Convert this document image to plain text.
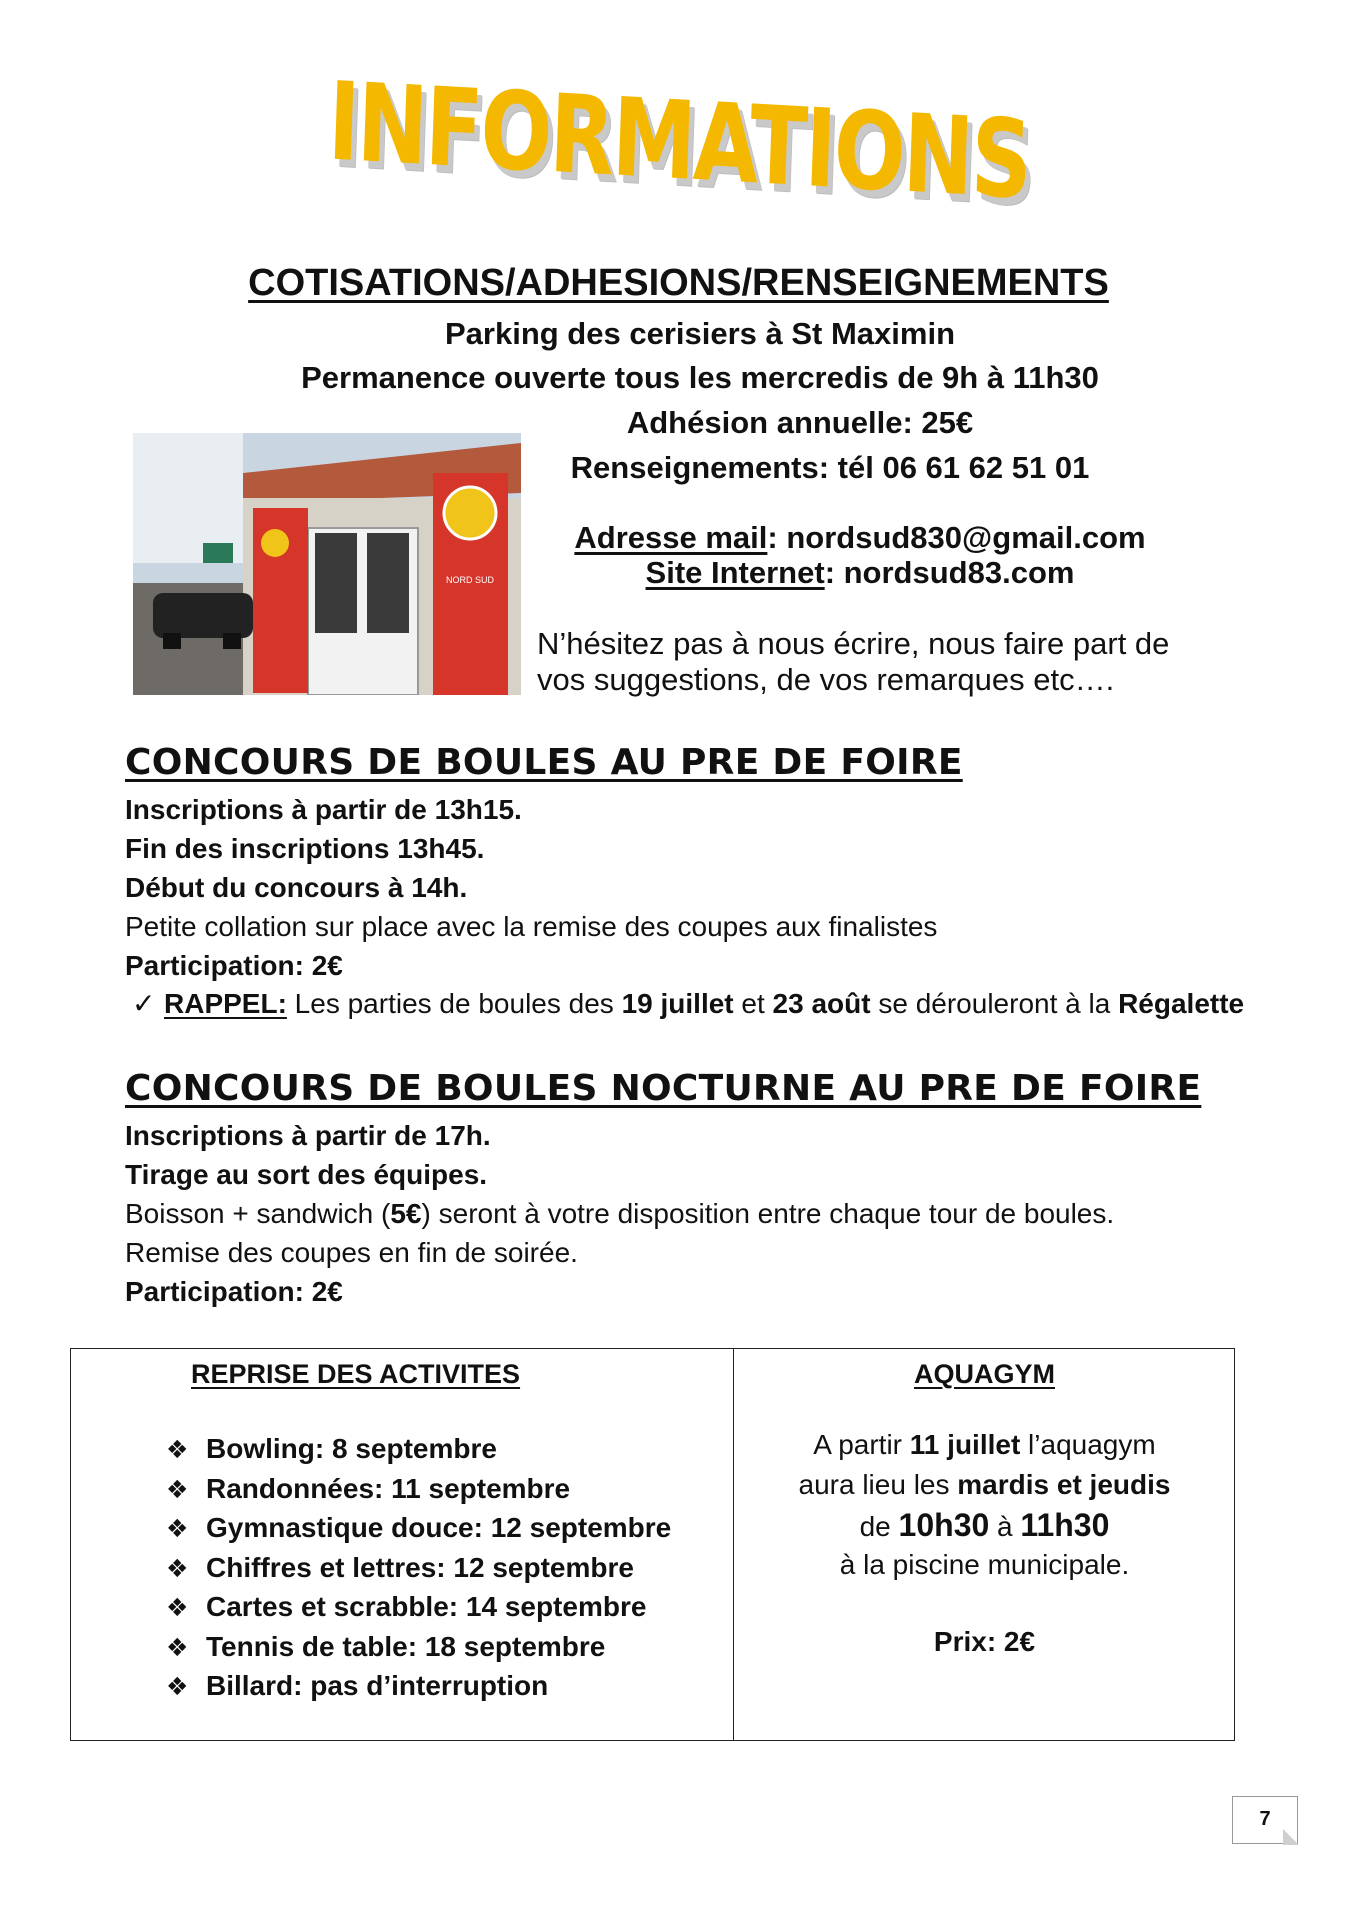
INFORMATIONS
COTISATIONS/ADHESIONS/RENSEIGNEMENTS
Parking des cerisiers à St Maximin
Permanence ouverte tous les mercredis de 9h à 11h30
Adhésion annuelle: 25€
Renseignements: tél 06 61 62 51 01
NORD SUD
Adresse mail: nordsud830@gmail.com
Site Internet: nordsud83.com
N’hésitez pas à nous écrire, nous faire part de
vos suggestions, de vos remarques etc….
CONCOURS DE BOULES AU PRE DE FOIRE
Inscriptions à partir de 13h15.
Fin des inscriptions 13h45.
Début du concours à 14h.
Petite collation sur place avec la remise des coupes aux finalistes
Participation: 2€
✓ RAPPEL: Les parties de boules des 19 juillet et 23 août se dérouleront à la Régalette
CONCOURS DE BOULES NOCTURNE AU PRE DE FOIRE
Inscriptions à partir de 17h.
Tirage au sort des équipes.
Boisson + sandwich (5€) seront à votre disposition entre chaque tour de boules.
Remise des coupes en fin de soirée.
Participation: 2€
REPRISE DES ACTIVITES
❖ Bowling: 8 septembre
❖ Randonnées: 11 septembre
❖ Gymnastique douce: 12 septembre
❖ Chiffres et lettres: 12 septembre
❖ Cartes et scrabble: 14 septembre
❖ Tennis de table: 18 septembre
❖ Billard: pas d’interruption
AQUAGYM
A partir 11 juillet l’aquagym
aura lieu les mardis et jeudis
de 10h30 à 11h30
à la piscine municipale.
Prix: 2€
7
